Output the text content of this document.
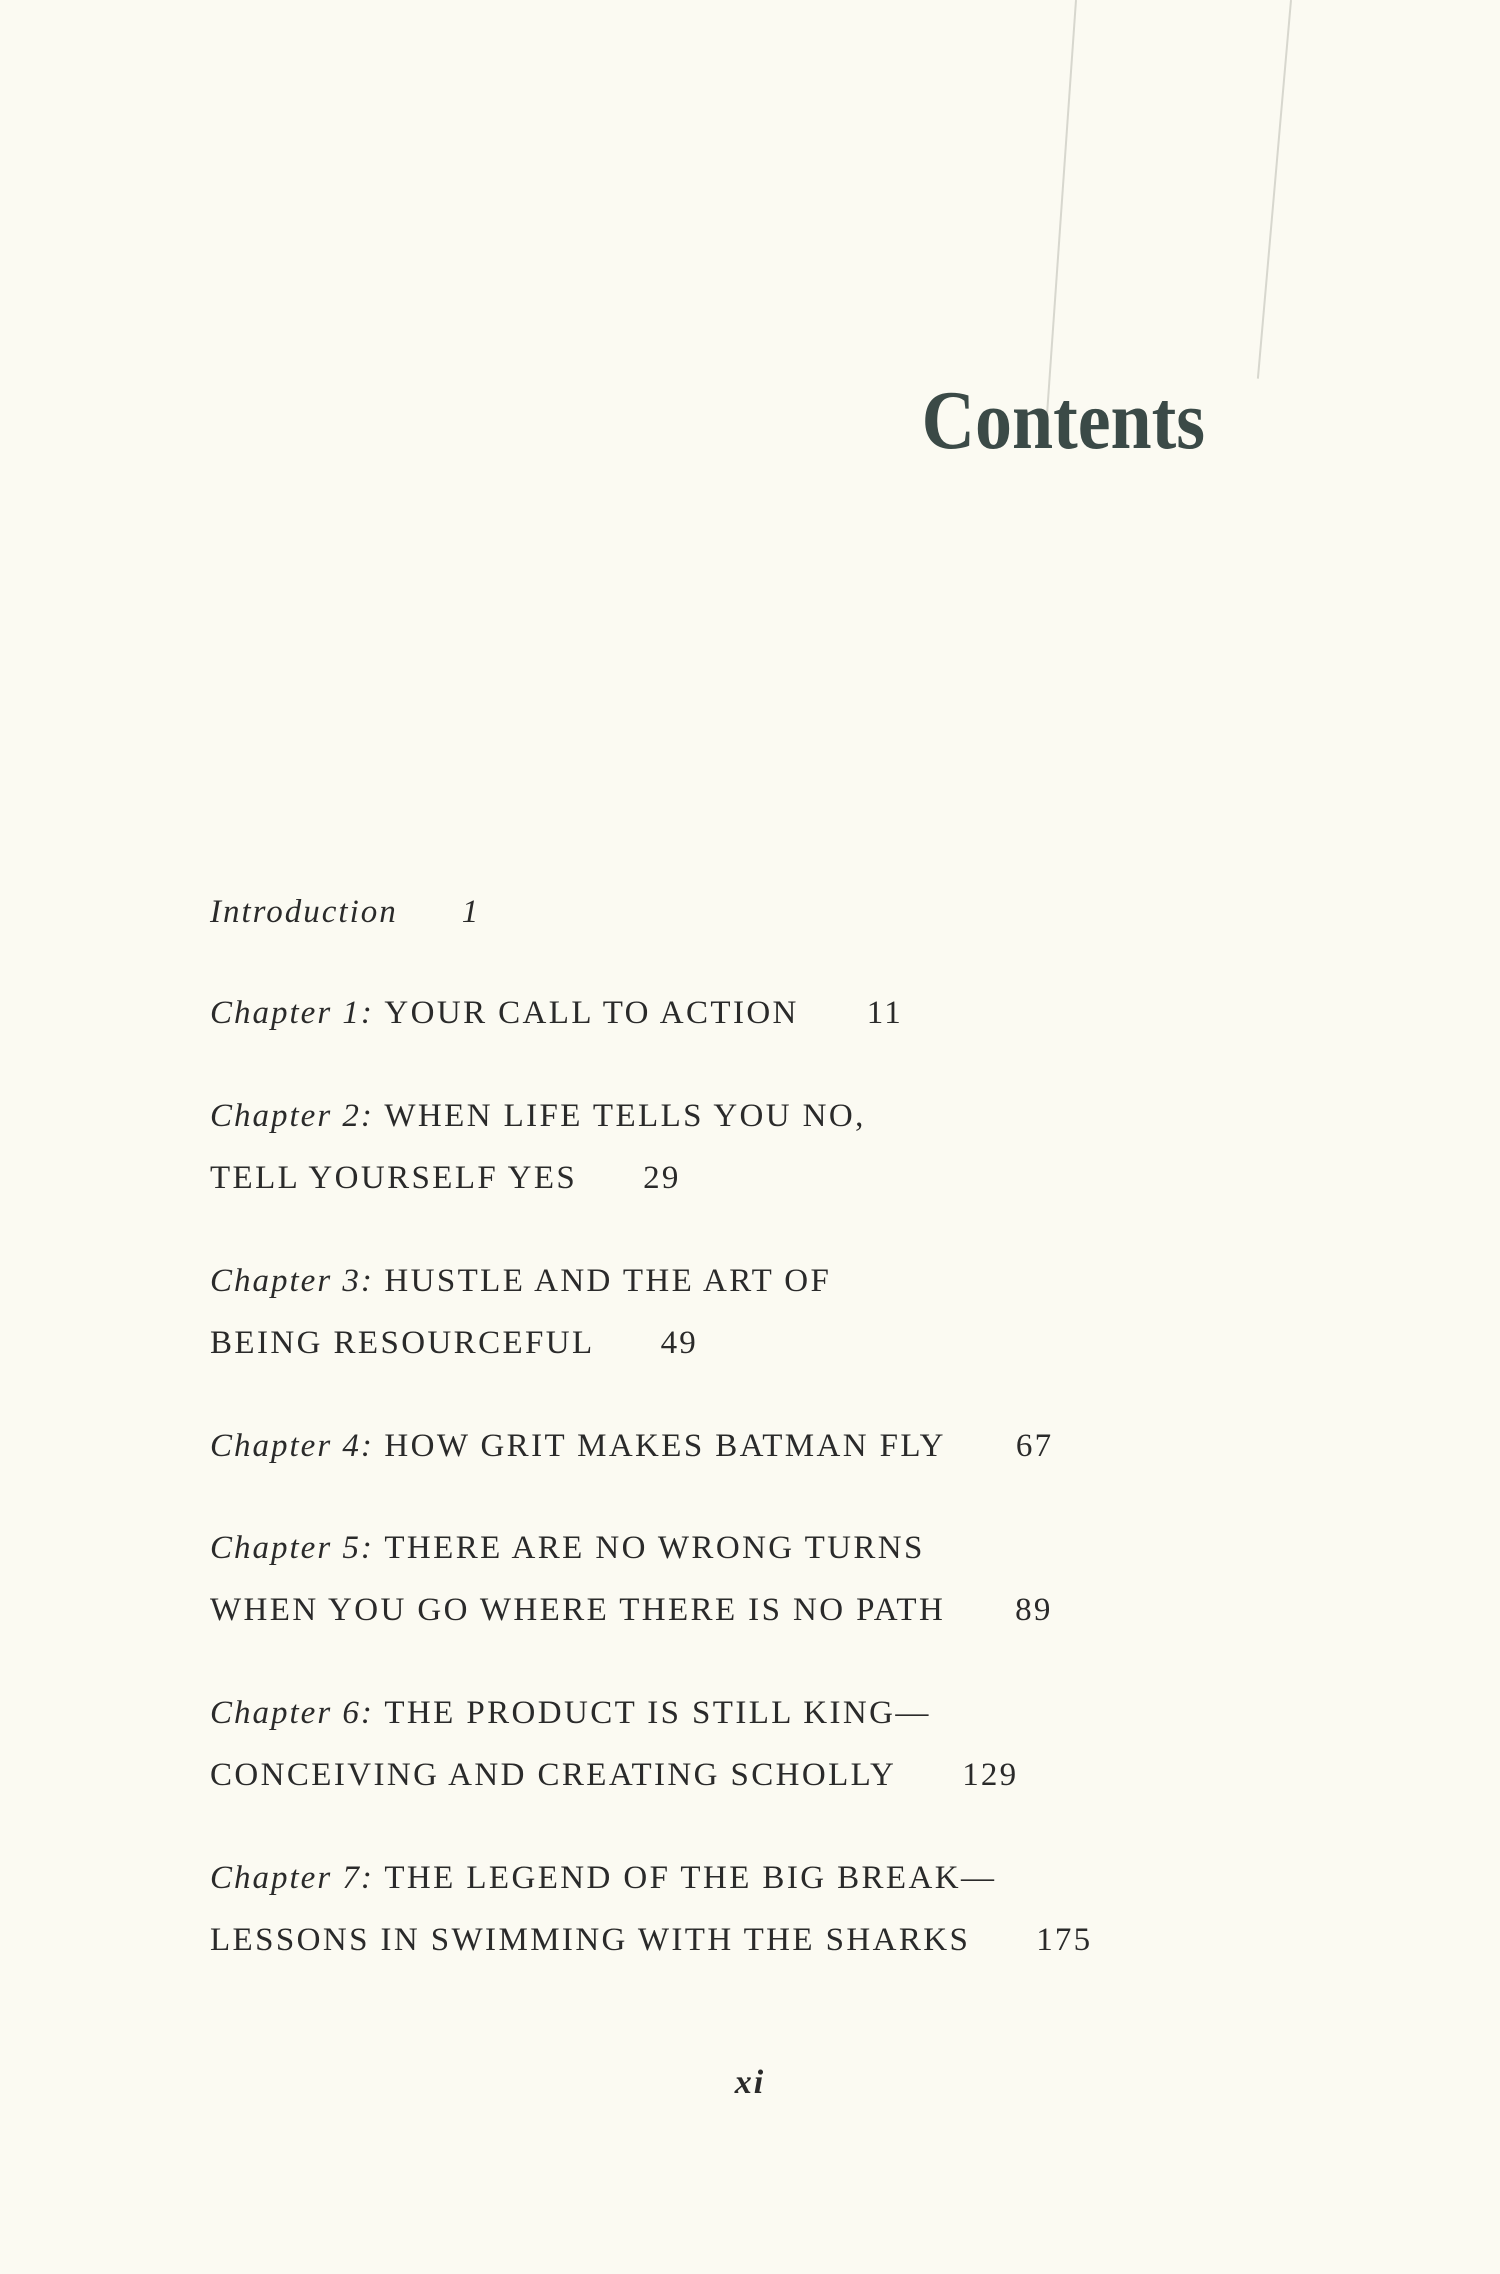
Contents
Introduction 1
Chapter 1: YOUR CALL TO ACTION 11
Chapter 2: WHEN LIFE TELLS YOU NO,
TELL YOURSELF YES 29
Chapter 3: HUSTLE AND THE ART OF
BEING RESOURCEFUL 49
Chapter 4: HOW GRIT MAKES BATMAN FLY 67
Chapter 5: THERE ARE NO WRONG TURNS
WHEN YOU GO WHERE THERE IS NO PATH 89
Chapter 6: THE PRODUCT IS STILL KING—
CONCEIVING AND CREATING SCHOLLY 129
Chapter 7: THE LEGEND OF THE BIG BREAK—
LESSONS IN SWIMMING WITH THE SHARKS 175
xi
